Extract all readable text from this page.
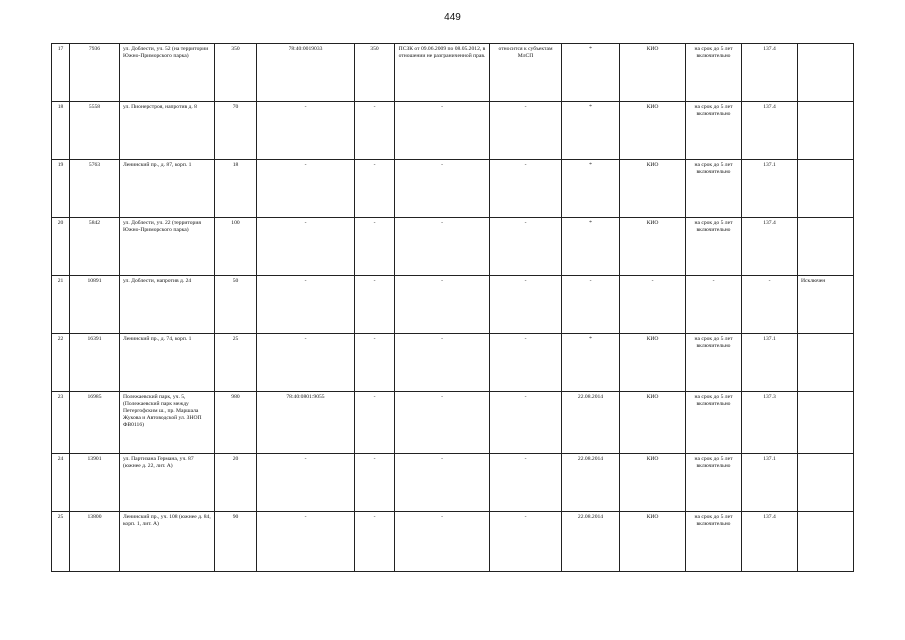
449
17	7936	ул. Доблести, уч. 52 (на территории Южно-Приморского парка)	350	78:40:0019033	350	ПСЗК от 09.06.2009 по 08.05.2012, в отношении не разграниченной прав.	относится к субъектам МлСП	*	КИО	на срок до 5 лет включительно	137.4	
18	5558	ул. Пионерстроя, напротив д. 8	70	-	-	-	-	*	КИО	на срок до 5 лет включительно	137.4	
19	5763	Ленинский пр., д. 87, корп. 1	18	-	-	-	-	*	КИО	на срок до 5 лет включительно	137.1	
20	5842	ул. Доблести, уч. 22 (территория Южно-Приморского парка)	100	-	-	-	-	*	КИО	на срок до 5 лет включительно	137.4	
21	10891	ул. Доблести, напротив д. 24	50	-	-	-	-	-	-	-	-	Исключен
22	16391	Ленинский пр., д. 74, корп. 1	25	-	-	-	-	*	КИО	на срок до 5 лет включительно	137.1	
23	16985	Полежаевский парк, уч. 5, (Полежаевский парк между Петергофским ш., пр. Маршала Жукова и Автоводской ул. ЗНОП ФВ0116)	980	78:40:0801:9055	-	-	-	22.08.2014	КИО	на срок до 5 лет включительно	137.3	
24	13901	ул. Партизана Германа, уч. 87 (южнее д. 22, лит. А)	20	-	-	-	-	22.08.2014	КИО	на срок до 5 лет включительно	137.1	
25	13800	Ленинский пр., уч. 108 (южнее д. 84, корп. 1, лит. А)	90	-	-	-	-	22.08.2014	КИО	на срок до 5 лет включительно	137.4	
